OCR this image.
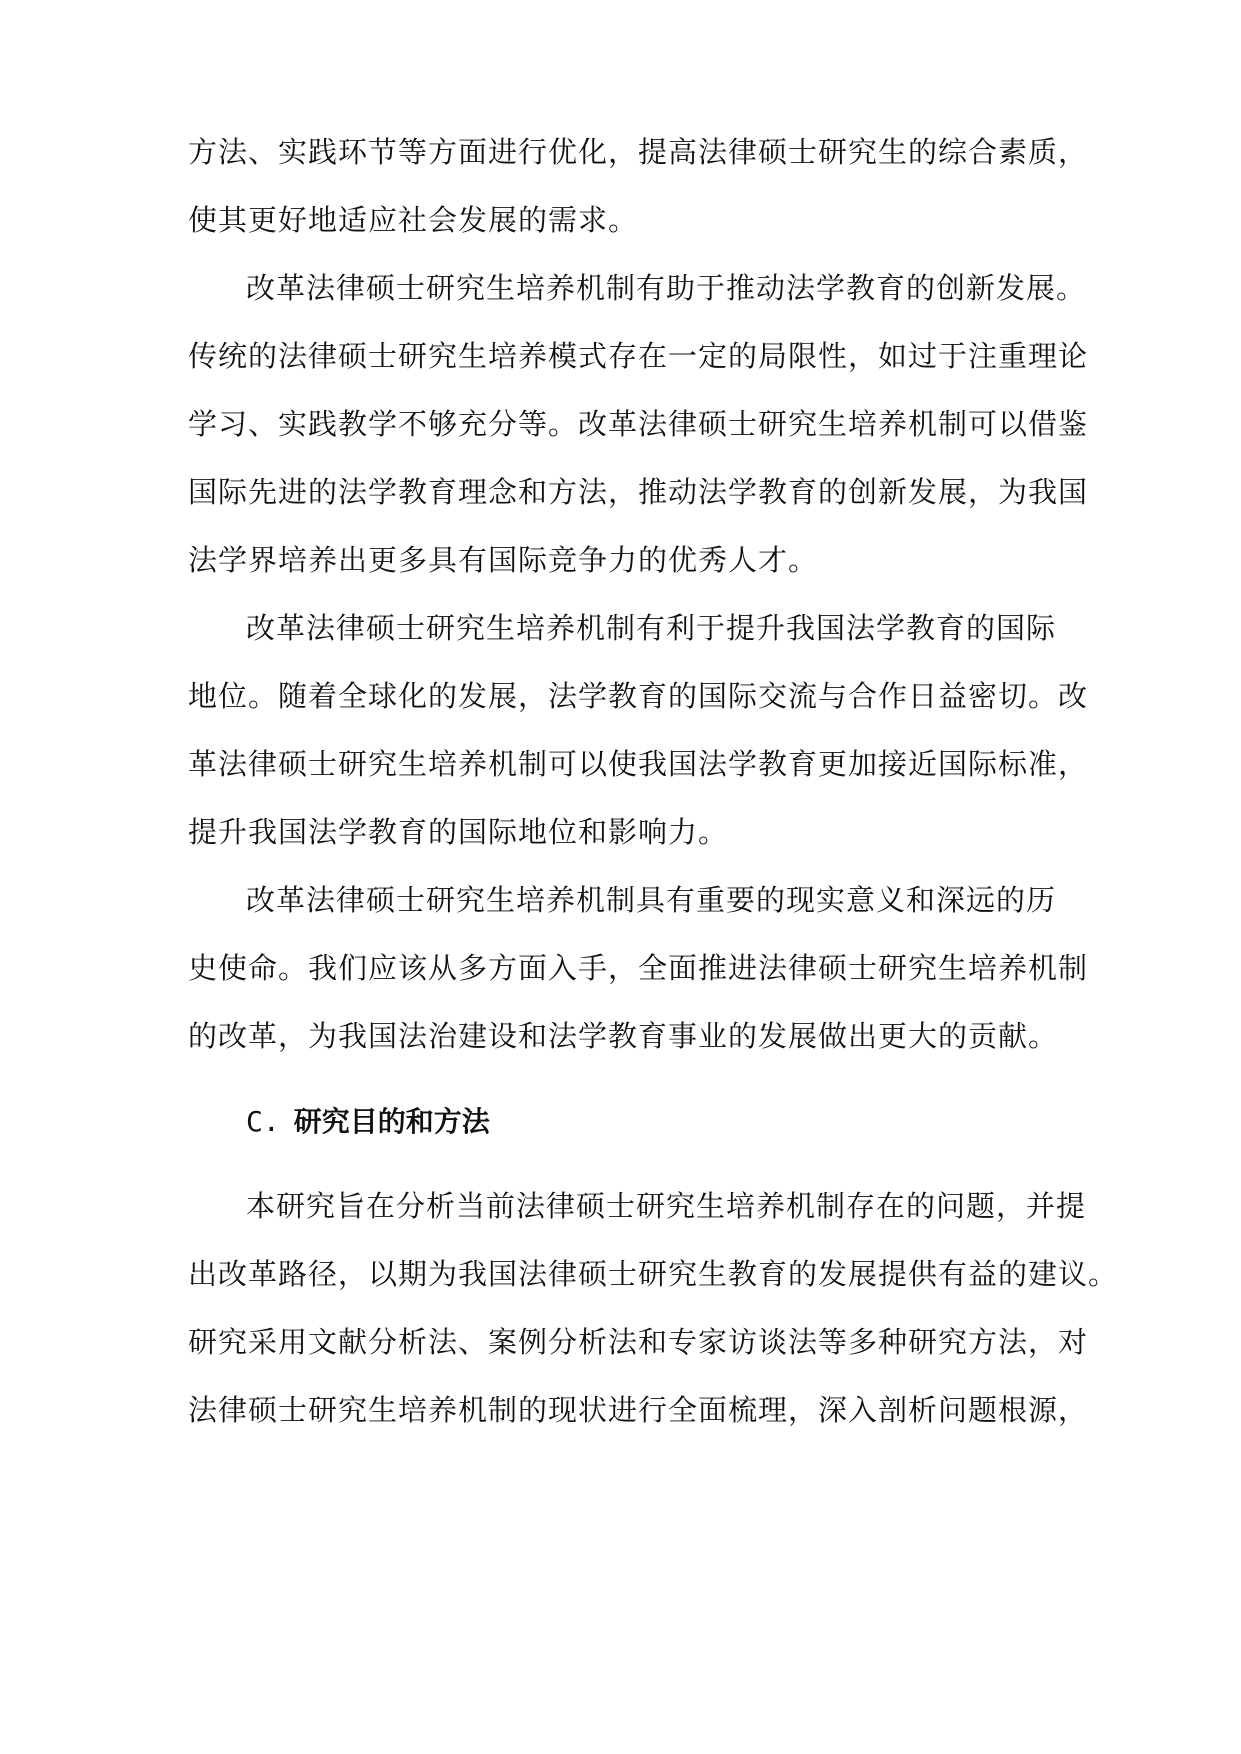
方法、实践环节等方面进行优化，提高法律硕士研究生的综合素质，
使其更好地适应社会发展的需求。
改革法律硕士研究生培养机制有助于推动法学教育的创新发展。
传统的法律硕士研究生培养模式存在一定的局限性，如过于注重理论
学习、实践教学不够充分等。改革法律硕士研究生培养机制可以借鉴
国际先进的法学教育理念和方法，推动法学教育的创新发展，为我国
法学界培养出更多具有国际竞争力的优秀人才。
改革法律硕士研究生培养机制有利于提升我国法学教育的国际
地位。随着全球化的发展，法学教育的国际交流与合作日益密切。改
革法律硕士研究生培养机制可以使我国法学教育更加接近国际标准，
提升我国法学教育的国际地位和影响力。
改革法律硕士研究生培养机制具有重要的现实意义和深远的历
史使命。我们应该从多方面入手，全面推进法律硕士研究生培养机制
的改革，为我国法治建设和法学教育事业的发展做出更大的贡献。
C. 研究目的和方法
本研究旨在分析当前法律硕士研究生培养机制存在的问题，并提
出改革路径，以期为我国法律硕士研究生教育的发展提供有益的建议。
研究采用文献分析法、案例分析法和专家访谈法等多种研究方法，对
法律硕士研究生培养机制的现状进行全面梳理，深入剖析问题根源，
